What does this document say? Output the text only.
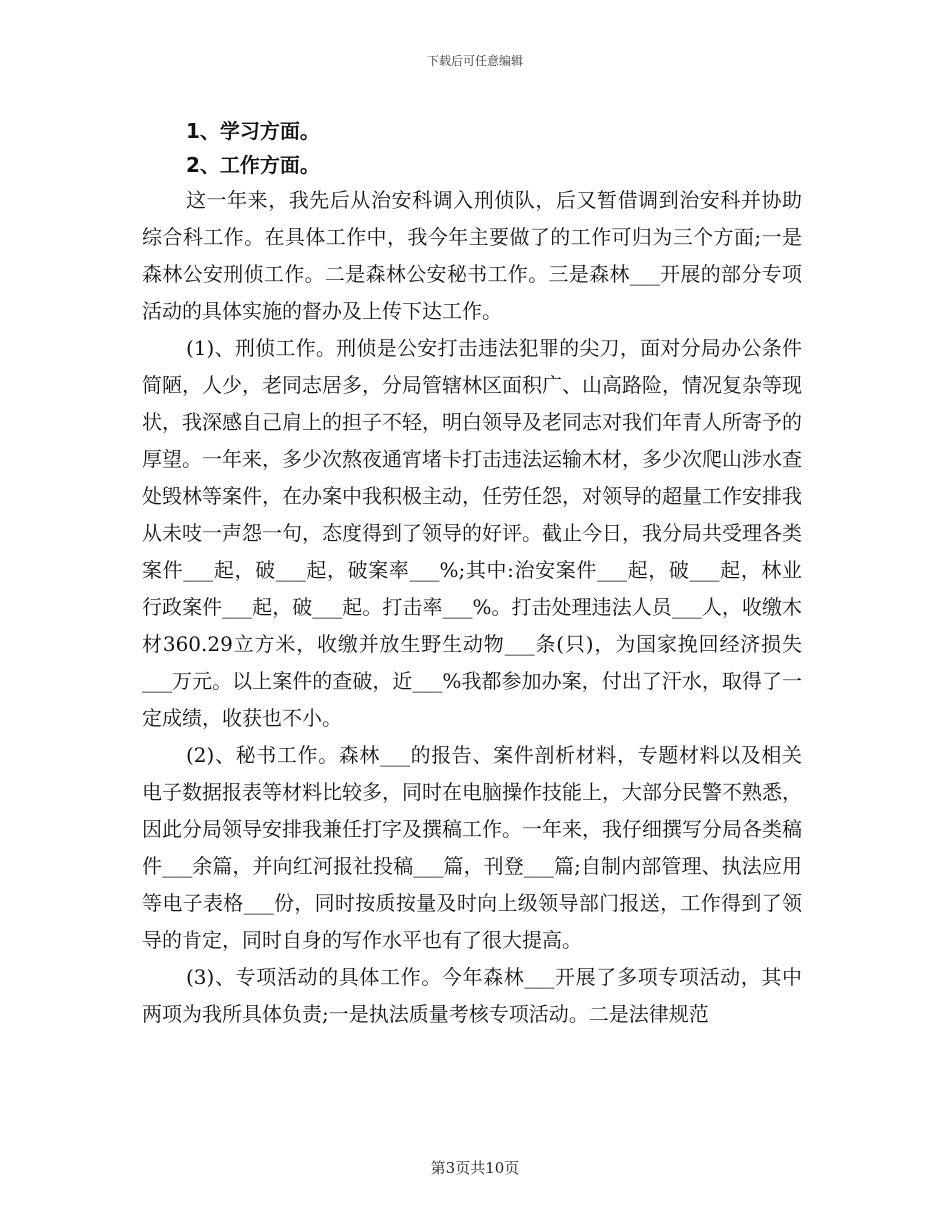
下载后可任意编辑

1、学习方面。

2、工作方面。

这一年来，我先后从治安科调入刑侦队，后又暂借调到治安科并协助综合科工作。在具体工作中，我今年主要做了的工作可归为三个方面;一是森林公安刑侦工作。二是森林公安秘书工作。三是森林___开展的部分专项活动的具体实施的督办及上传下达工作。

(1)、刑侦工作。刑侦是公安打击违法犯罪的尖刀，面对分局办公条件简陋，人少，老同志居多，分局管辖林区面积广、山高路险，情况复杂等现状，我深感自己肩上的担子不轻，明白领导及老同志对我们年青人所寄予的厚望。一年来，多少次熬夜通宵堵卡打击违法运输木材，多少次爬山涉水查处毁林等案件，在办案中我积极主动，任劳任怨，对领导的超量工作安排我从未吱一声怨一句，态度得到了领导的好评。截止今日，我分局共受理各类案件___起，破___起，破案率___%;其中:治安案件___起，破___起，林业行政案件___起，破___起。打击率___%。打击处理违法人员___人，收缴木材360.29立方米，收缴并放生野生动物___条(只)，为国家挽回经济损失___万元。以上案件的查破，近___%我都参加办案，付出了汗水，取得了一定成绩，收获也不小。

(2)、秘书工作。森林___的报告、案件剖析材料，专题材料以及相关电子数据报表等材料比较多，同时在电脑操作技能上，大部分民警不熟悉，因此分局领导安排我兼任打字及撰稿工作。一年来，我仔细撰写分局各类稿件___余篇，并向红河报社投稿___篇，刊登___篇;自制内部管理、执法应用等电子表格___份，同时按质按量及时向上级领导部门报送，工作得到了领导的肯定，同时自身的写作水平也有了很大提高。

(3)、专项活动的具体工作。今年森林___开展了多项专项活动，其中两项为我所具体负责;一是执法质量考核专项活动。二是法律规范

第3页共10页
